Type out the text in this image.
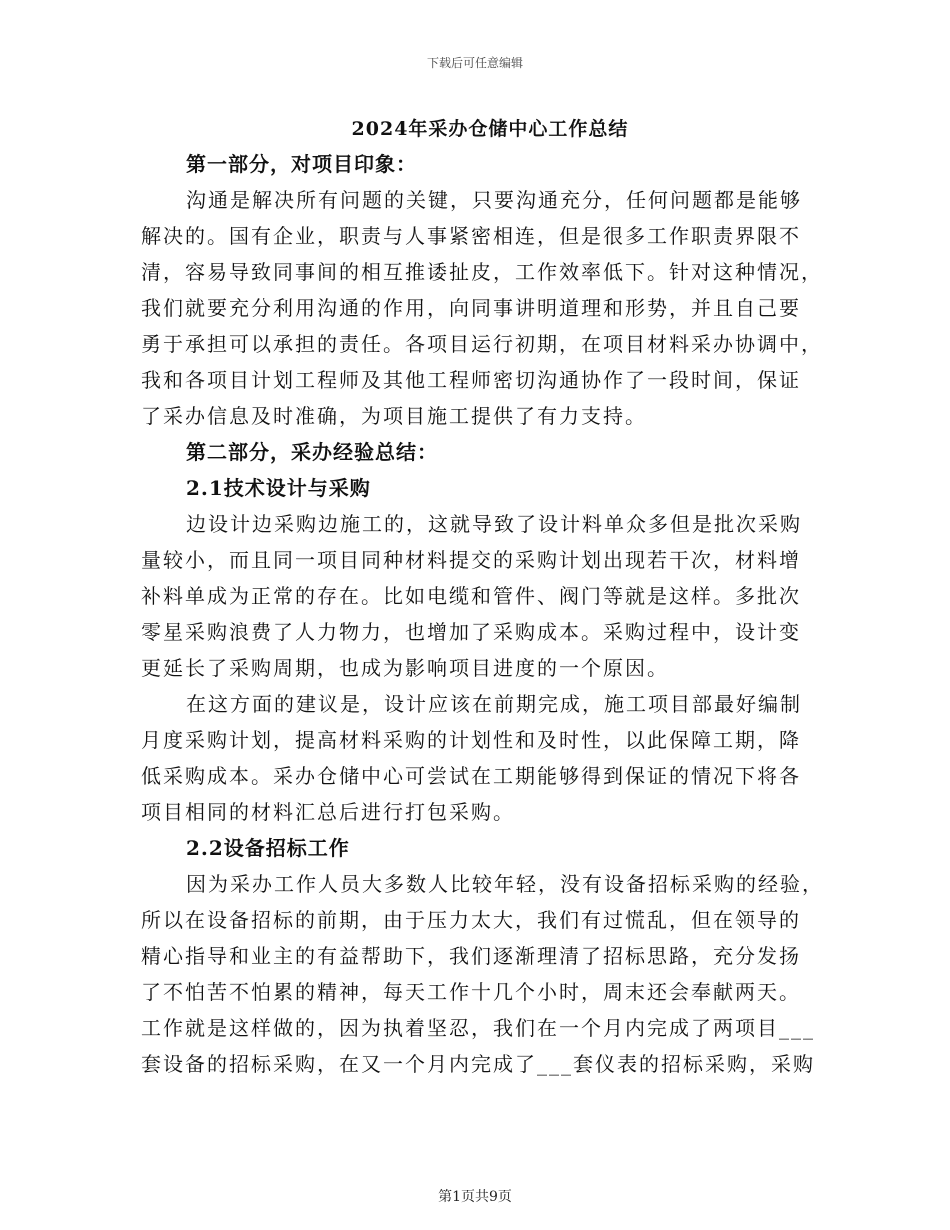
下载后可任意编辑
2024年采办仓储中心工作总结
第一部分，对项目印象：
沟通是解决所有问题的关键，只要沟通充分，任何问题都是能够
解决的。国有企业，职责与人事紧密相连，但是很多工作职责界限不
清，容易导致同事间的相互推诿扯皮，工作效率低下。针对这种情况，
我们就要充分利用沟通的作用，向同事讲明道理和形势，并且自己要
勇于承担可以承担的责任。各项目运行初期，在项目材料采办协调中，
我和各项目计划工程师及其他工程师密切沟通协作了一段时间，保证
了采办信息及时准确，为项目施工提供了有力支持。
第二部分，采办经验总结：
2.1技术设计与采购
边设计边采购边施工的，这就导致了设计料单众多但是批次采购
量较小，而且同一项目同种材料提交的采购计划出现若干次，材料增
补料单成为正常的存在。比如电缆和管件、阀门等就是这样。多批次
零星采购浪费了人力物力，也增加了采购成本。采购过程中，设计变
更延长了采购周期，也成为影响项目进度的一个原因。
在这方面的建议是，设计应该在前期完成，施工项目部最好编制
月度采购计划，提高材料采购的计划性和及时性，以此保障工期，降
低采购成本。采办仓储中心可尝试在工期能够得到保证的情况下将各
项目相同的材料汇总后进行打包采购。
2.2设备招标工作
因为采办工作人员大多数人比较年轻，没有设备招标采购的经验，
所以在设备招标的前期，由于压力太大，我们有过慌乱，但在领导的
精心指导和业主的有益帮助下，我们逐渐理清了招标思路，充分发扬
了不怕苦不怕累的精神，每天工作十几个小时，周末还会奉献两天。
工作就是这样做的，因为执着坚忍，我们在一个月内完成了两项目___
套设备的招标采购，在又一个月内完成了___套仪表的招标采购，采购
第1页共9页
